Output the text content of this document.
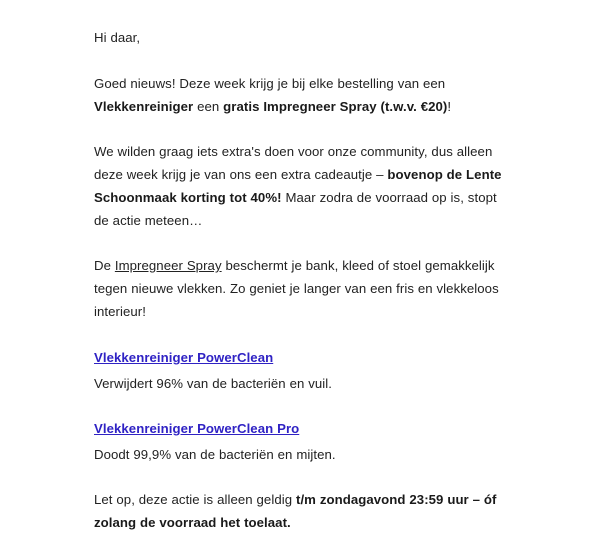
Hi daar,

Goed nieuws! Deze week krijg je bij elke bestelling van een Vlekkenreiniger een gratis Impregneer Spray (t.w.v. €20)!

We wilden graag iets extra's doen voor onze community, dus alleen deze week krijg je van ons een extra cadeautje – bovenop de Lente Schoonmaak korting tot 40%! Maar zodra de voorraad op is, stopt de actie meteen…

De Impregneer Spray beschermt je bank, kleed of stoel gemakkelijk tegen nieuwe vlekken. Zo geniet je langer van een fris en vlekkeloos interieur!

Vlekkenreiniger PowerClean

Verwijdert 96% van de bacteriën en vuil.

Vlekkenreiniger PowerClean Pro

Doodt 99,9% van de bacteriën en mijten.

Let op, deze actie is alleen geldig t/m zondagavond 23:59 uur – óf zolang de voorraad het toelaat.
